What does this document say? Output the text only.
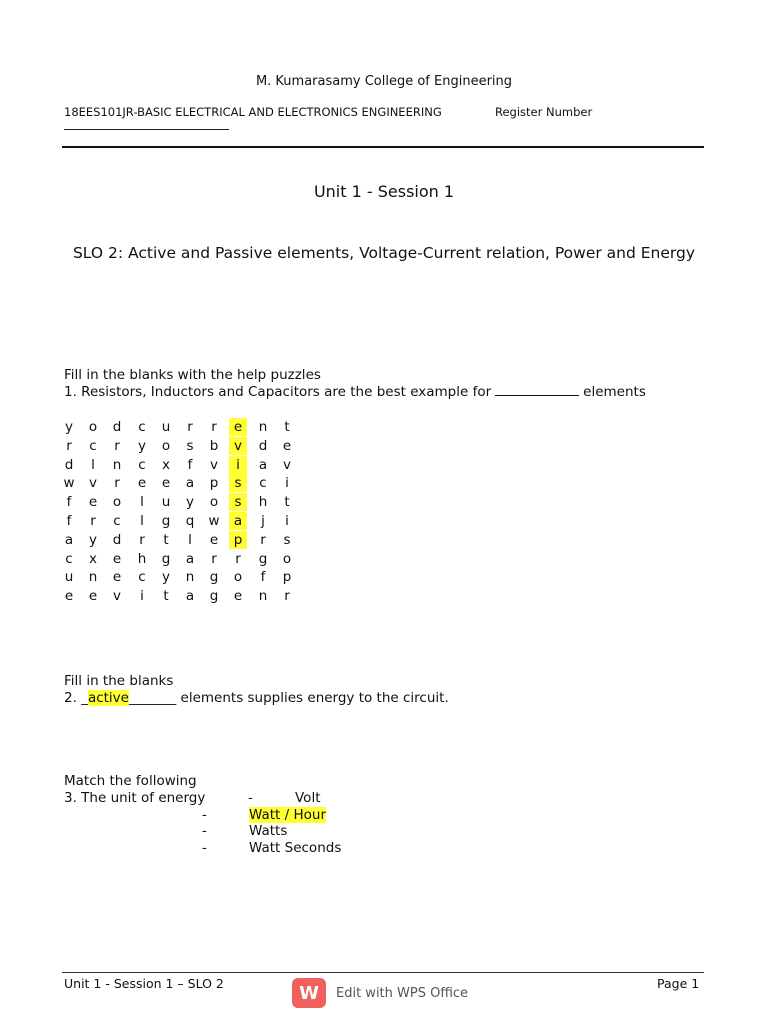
M. Kumarasamy College of Engineering
18EES101JR-BASIC ELECTRICAL AND ELECTRONICS ENGINEERING	Register Number
Unit 1 - Session 1
SLO 2: Active and Passive elements, Voltage-Current relation, Power and Energy
Fill in the blanks with the help puzzles
1. Resistors, Inductors and Capacitors are the best example for	elements
y	o	d	c	u	r	r	e	n	t
r	c	r	y	o	s	b	v	d	e
d	l	n	c	x	f	v	i	a	v
w	v	r	e	e	a	p	s	c	i
f	e	o	l	u	y	o	s	h	t
f	r	c	l	g	q	w	a	j	i
a	y	d	r	t	l	e	p	r	s
c	x	e	h	g	a	r	r	g	o
u	n	e	c	y	n	g	o	f	p
e	e	v	i	t	a	g	e	n	r
Fill in the blanks
2. _active_______ elements supplies energy to the circuit.
Match the following
3. The unit of energy	-	Volt
-	Watt / Hour
-	Watts
-	Watt Seconds
Unit 1 - Session 1 – SLO 2	Page 1
W	Edit with WPS Office
